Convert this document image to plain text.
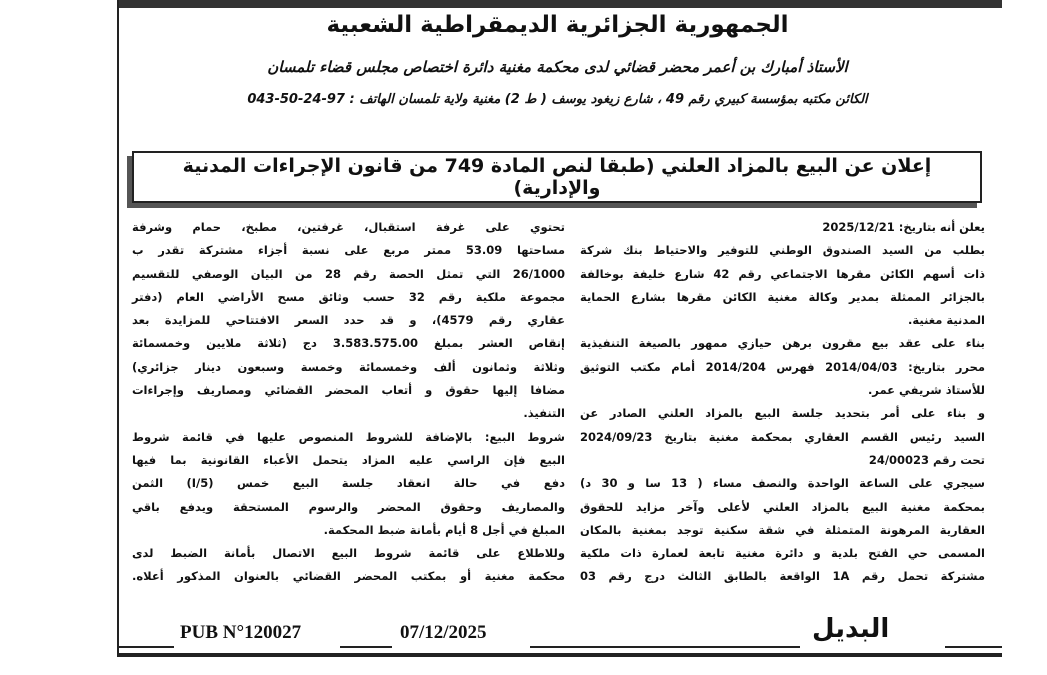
الجمهورية الجزائرية الديمقراطية الشعبية
الأستاذ أمبارك بن أعمر محضر قضائي لدى محكمة مغنية دائرة اختصاص مجلس قضاء تلمسان
الكائن مكتبه بمؤسسة كبيري رقم 49 ، شارع زيغود يوسف ( ط 2) مغنية ولاية تلمسان الهاتف : 97-24-50-043
إعلان عن البيع بالمزاد العلني (طبقا لنص المادة 749 من قانون الإجراءات المدنية والإدارية)
يعلن أنه بتاريخ: 2025/12/21
بطلب من السيد الصندوق الوطني للتوفير والاحتياط بنك شركة
ذات أسهم الكائن مقرها الاجتماعي رقم 42 شارع خليفة بوخالفة
بالجزائر الممثلة بمدير وكالة مغنية الكائن مقرها بشارع الحماية
المدنية مغنية.
بناء على عقد بيع مقرون برهن حيازي ممهور بالصيغة التنفيذية
محرر بتاريخ: 2014/04/03 فهرس 2014/204 أمام مكتب التوثيق
للأستاذ شريفي عمر.
و بناء على أمر بتحديد جلسة البيع بالمزاد العلني الصادر عن
السيد رئيس القسم العقاري بمحكمة مغنية بتاريخ 2024/09/23
تحت رقم 24/00023
سيجري على الساعة الواحدة والنصف مساء ( 13 سا و 30 د)
بمحكمة مغنية البيع بالمزاد العلني لأعلى وآخر مزايد للحقوق
العقارية المرهونة المتمثلة في شقة سكنية توجد بمغنية بالمكان
المسمى حي الفتح بلدية و دائرة مغنية تابعة لعمارة ذات ملكية
مشتركة تحمل رقم 1A الواقعة بالطابق الثالث درج رقم 03
تحتوي على غرفة استقبال، غرفتين، مطبخ، حمام وشرفة
مساحتها 53.09 ممتر مربع على نسبة أجزاء مشتركة تقدر ب
26/1000 التي تمثل الحصة رقم 28 من البيان الوصفي للتقسيم
مجموعة ملكية رقم 32 حسب وثائق مسح الأراضي العام (دفتر
عقاري رقم 4579)، و قد حدد السعر الافتتاحي للمزايدة بعد
إنقاص العشر بمبلغ 3.583.575.00 دج (ثلاثة ملايين وخمسمائة
وثلاثة وثمانون ألف وخمسمائة وخمسة وسبعون دينار جزائري)
مضافا إليها حقوق و أتعاب المحضر القضائي ومصاريف وإجراءات
التنفيذ.
شروط البيع: بالإضافة للشروط المنصوص عليها في قائمة شروط
البيع فإن الراسي عليه المزاد يتحمل الأعباء القانونية بما فيها
دفع في حالة انعقاد جلسة البيع خمس (5/I) الثمن
والمصاريف وحقوق المحضر والرسوم المستحقة ويدفع باقي
المبلغ في أجل 8 أيام بأمانة ضبط المحكمة.
وللاطلاع على قائمة شروط البيع الاتصال بأمانة الضبط لدى
محكمة مغنية أو بمكتب المحضر القضائي بالعنوان المذكور أعلاه.
PUB N°120027	07/12/2025	البديل
